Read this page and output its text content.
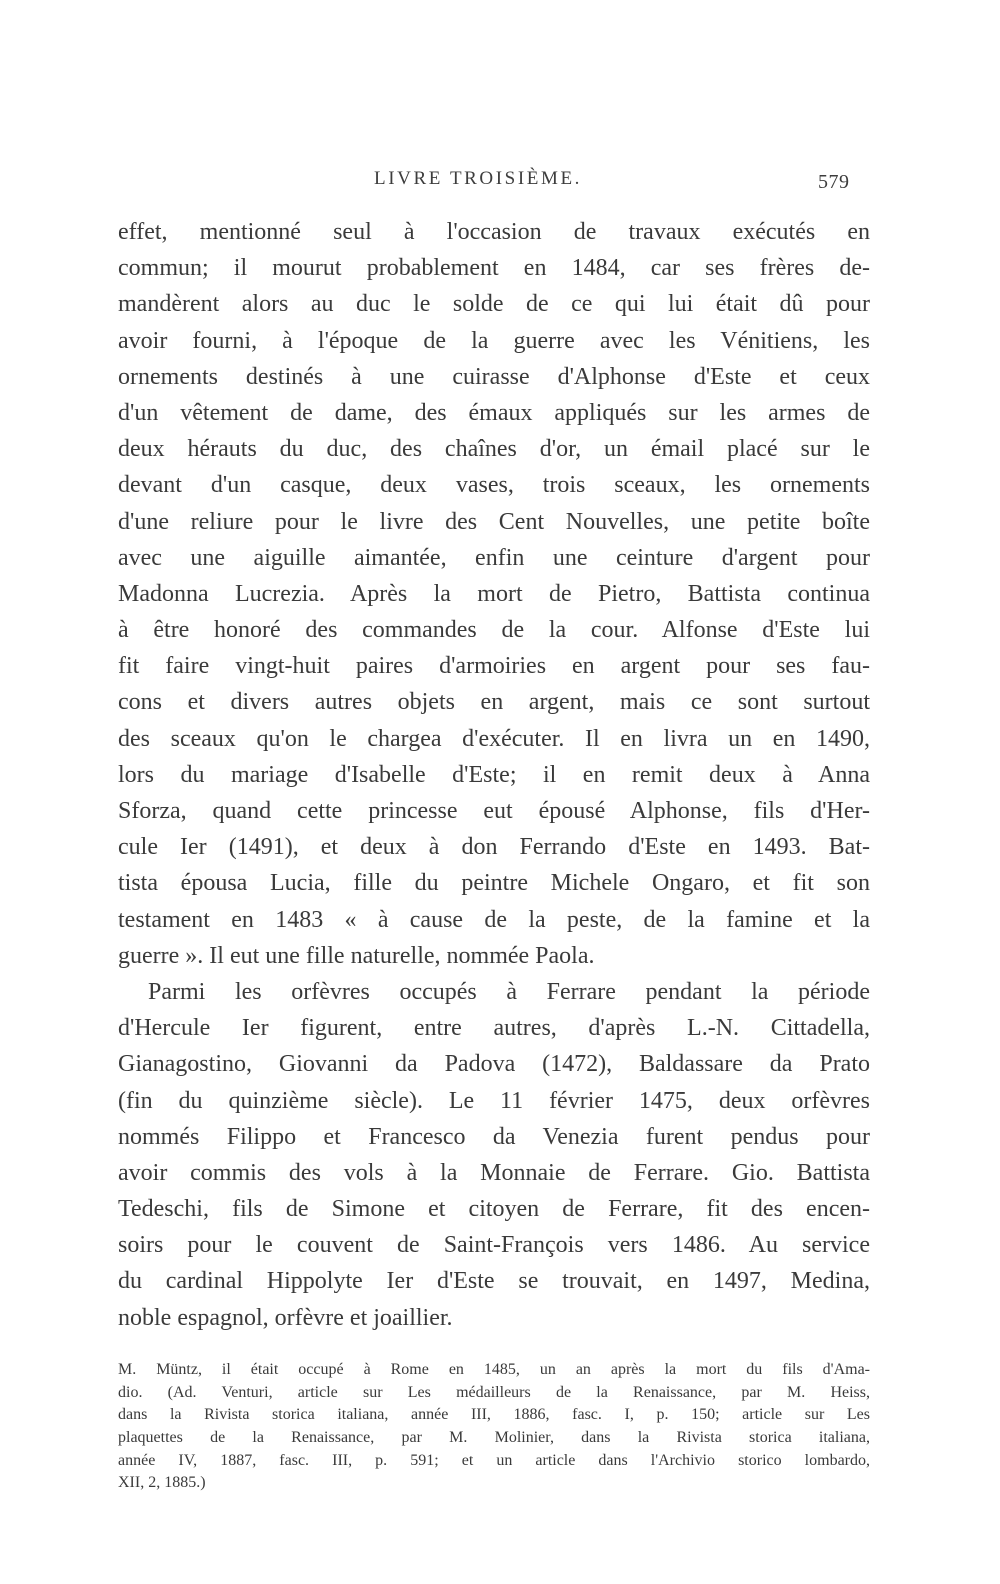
LIVRE TROISIÈME.	579
effet, mentionné seul à l'occasion de travaux exécutés en
commun; il mourut probablement en 1484, car ses frères de-
mandèrent alors au duc le solde de ce qui lui était dû pour
avoir fourni, à l'époque de la guerre avec les Vénitiens, les
ornements destinés à une cuirasse d'Alphonse d'Este et ceux
d'un vêtement de dame, des émaux appliqués sur les armes de
deux hérauts du duc, des chaînes d'or, un émail placé sur le
devant d'un casque, deux vases, trois sceaux, les ornements
d'une reliure pour le livre des Cent Nouvelles, une petite boîte
avec une aiguille aimantée, enfin une ceinture d'argent pour
Madonna Lucrezia. Après la mort de Pietro, Battista continua
à être honoré des commandes de la cour. Alfonse d'Este lui
fit faire vingt-huit paires d'armoiries en argent pour ses fau-
cons et divers autres objets en argent, mais ce sont surtout
des sceaux qu'on le chargea d'exécuter. Il en livra un en 1490,
lors du mariage d'Isabelle d'Este; il en remit deux à Anna
Sforza, quand cette princesse eut épousé Alphonse, fils d'Her-
cule Ier (1491), et deux à don Ferrando d'Este en 1493. Bat-
tista épousa Lucia, fille du peintre Michele Ongaro, et fit son
testament en 1483 « à cause de la peste, de la famine et la
guerre ». Il eut une fille naturelle, nommée Paola.
Parmi les orfèvres occupés à Ferrare pendant la période
d'Hercule Ier figurent, entre autres, d'après L.-N. Cittadella,
Gianagostino, Giovanni da Padova (1472), Baldassare da Prato
(fin du quinzième siècle). Le 11 février 1475, deux orfèvres
nommés Filippo et Francesco da Venezia furent pendus pour
avoir commis des vols à la Monnaie de Ferrare. Gio. Battista
Tedeschi, fils de Simone et citoyen de Ferrare, fit des encen-
soirs pour le couvent de Saint-François vers 1486. Au service
du cardinal Hippolyte Ier d'Este se trouvait, en 1497, Medina,
noble espagnol, orfèvre et joaillier.
M. Müntz, il était occupé à Rome en 1485, un an après la mort du fils d'Ama-
dio. (Ad. Venturi, article sur Les médailleurs de la Renaissance, par M. Heiss,
dans la Rivista storica italiana, année III, 1886, fasc. I, p. 150; article sur Les
plaquettes de la Renaissance, par M. Molinier, dans la Rivista storica italiana,
année IV, 1887, fasc. III, p. 591; et un article dans l'Archivio storico lombardo,
XII, 2, 1885.)
